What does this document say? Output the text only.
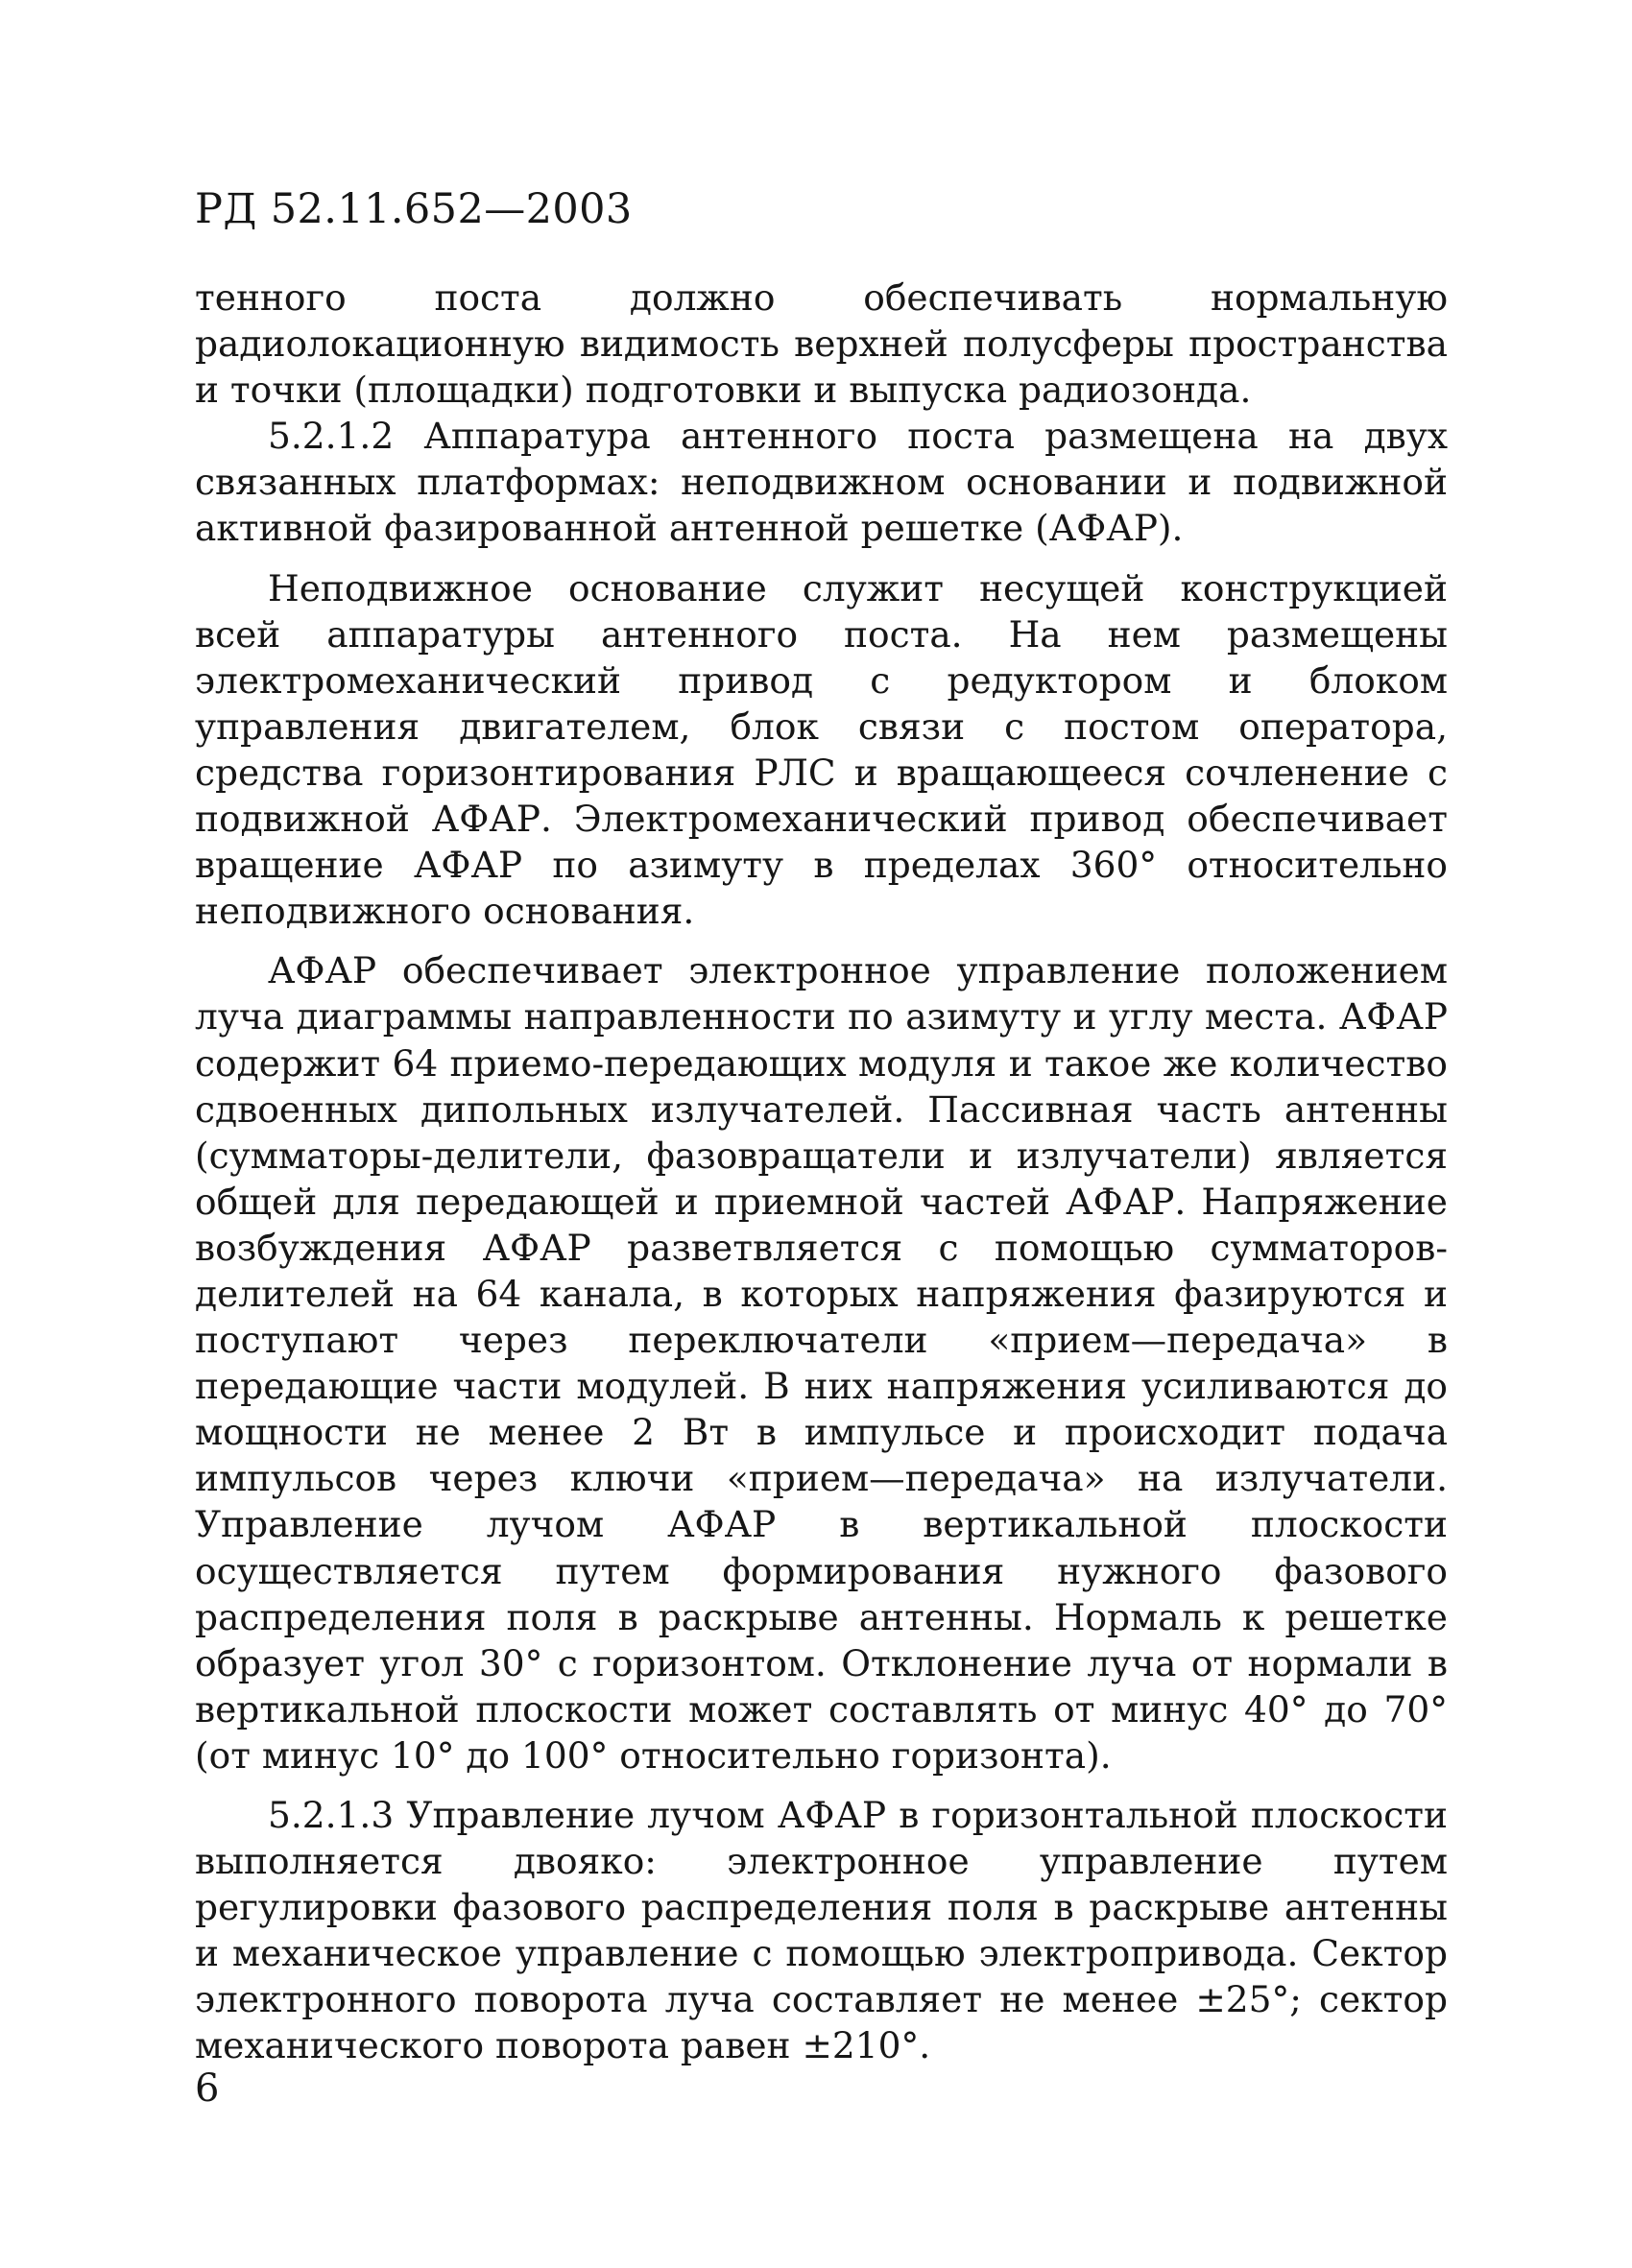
РД 52.11.652—2003

тенного поста должно обеспечивать нормальную радиолокационную видимость верхней полусферы пространства и точки (площадки) подготовки и выпуска радиозонда.

5.2.1.2 Аппаратура антенного поста размещена на двух связанных платформах: неподвижном основании и подвижной активной фазированной антенной решетке (АФАР).

Неподвижное основание служит несущей конструкцией всей аппаратуры антенного поста. На нем размещены электромеханический привод с редуктором и блоком управления двигателем, блок связи с постом оператора, средства горизонтирования РЛС и вращающееся сочленение с подвижной АФАР. Электромеханический привод обеспечивает вращение АФАР по азимуту в пределах 360° относительно неподвижного основания.

АФАР обеспечивает электронное управление положением луча диаграммы направленности по азимуту и углу места. АФАР содержит 64 приемо-передающих модуля и такое же количество сдвоенных дипольных излучателей. Пассивная часть антенны (сумматоры-делители, фазовращатели и излучатели) является общей для передающей и приемной частей АФАР. Напряжение возбуждения АФАР разветвляется с помощью сумматоров-делителей на 64 канала, в которых напряжения фазируются и поступают через переключатели «прием—передача» в передающие части модулей. В них напряжения усиливаются до мощности не менее 2 Вт в импульсе и происходит подача импульсов через ключи «прием—передача» на излучатели. Управление лучом АФАР в вертикальной плоскости осуществляется путем формирования нужного фазового распределения поля в раскрыве антенны. Нормаль к решетке образует угол 30° с горизонтом. Отклонение луча от нормали в вертикальной плоскости может составлять от минус 40° до 70° (от минус 10° до 100° относительно горизонта).

5.2.1.3 Управление лучом АФАР в горизонтальной плоскости выполняется двояко: электронное управление путем регулировки фазового распределения поля в раскрыве антенны и механическое управление с помощью электропривода. Сектор электронного поворота луча составляет не менее ±25°; сектор механического поворота равен ±210°.

6
